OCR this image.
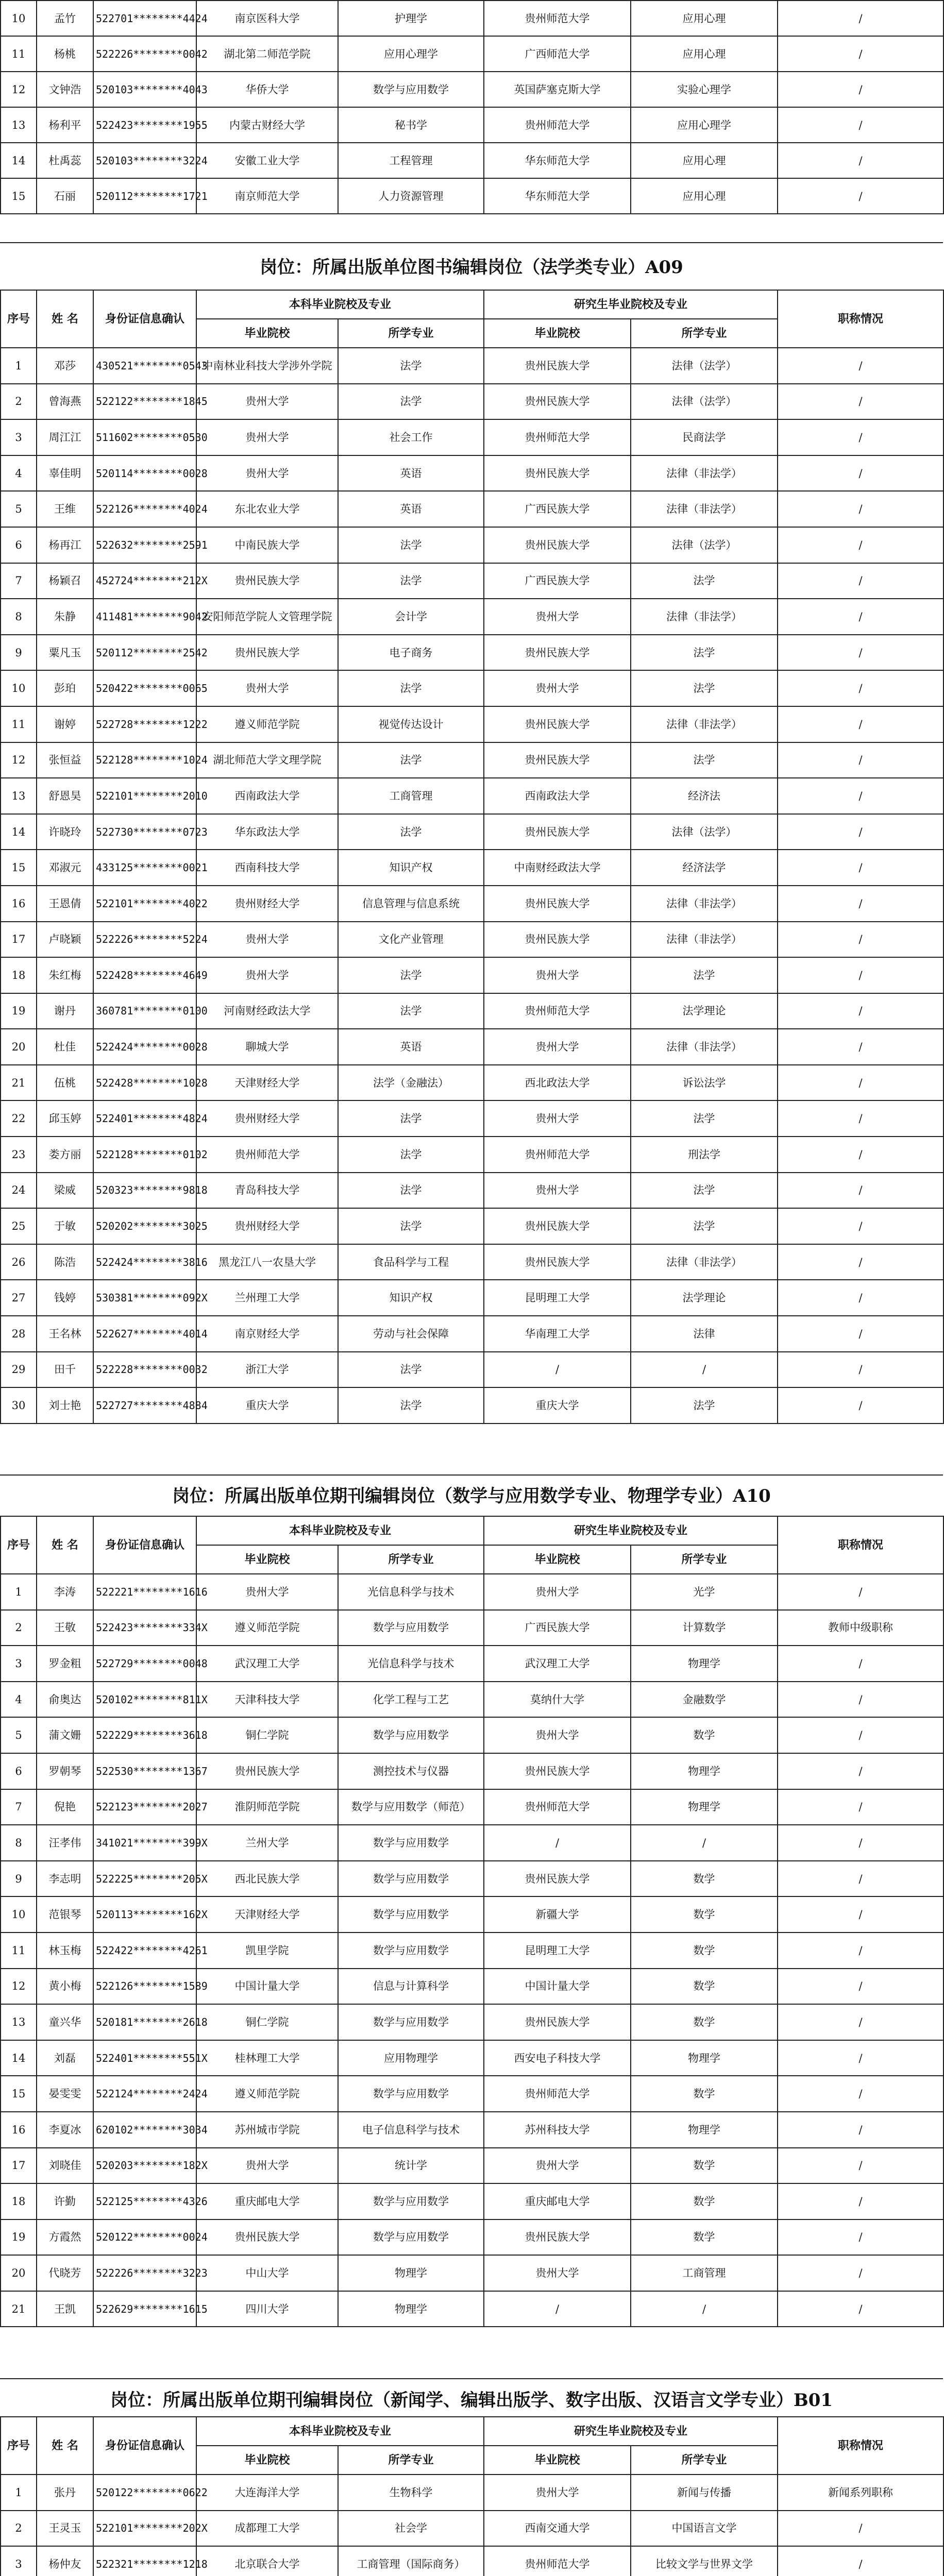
10	孟竹	522701********4424	南京医科大学	护理学	贵州师范大学	应用心理	/
11	杨桃	522226********0042	湖北第二师范学院	应用心理学	广西师范大学	应用心理	/
12	文钟浩	520103********4043	华侨大学	数学与应用数学	英国萨塞克斯大学	实验心理学	/
13	杨利平	522423********1955	内蒙古财经大学	秘书学	贵州师范大学	应用心理学	/
14	杜禹蕊	520103********3224	安徽工业大学	工程管理	华东师范大学	应用心理	/
15	石丽	520112********1721	南京师范大学	人力资源管理	华东师范大学	应用心理	/
岗位：所属出版单位图书编辑岗位（法学类专业）A09
序号	姓 名	身份证信息确认	本科毕业院校及专业		研究生毕业院校及专业		职称情况
			毕业院校	所学专业	毕业院校	所学专业	
1	邓莎	430521********0543	中南林业科技大学涉外学院	法学	贵州民族大学	法律（法学）	/
2	曾海燕	522122********1845	贵州大学	法学	贵州民族大学	法律（法学）	/
3	周江江	511602********0530	贵州大学	社会工作	贵州师范大学	民商法学	/
4	辜佳明	520114********0028	贵州大学	英语	贵州民族大学	法律（非法学）	/
5	王维	522126********4024	东北农业大学	英语	广西民族大学	法律（非法学）	/
6	杨再江	522632********2591	中南民族大学	法学	贵州民族大学	法律（法学）	/
7	杨颖召	452724********212X	贵州民族大学	法学	广西民族大学	法学	/
8	朱静	411481********9042	安阳师范学院人文管理学院	会计学	贵州大学	法律（非法学）	/
9	粟凡玉	520112********2542	贵州民族大学	电子商务	贵州民族大学	法学	/
10	彭珀	520422********0065	贵州大学	法学	贵州大学	法学	/
11	谢婷	522728********1222	遵义师范学院	视觉传达设计	贵州民族大学	法律（非法学）	/
12	张恒益	522128********1024	湖北师范大学文理学院	法学	贵州民族大学	法学	/
13	舒恩昊	522101********2010	西南政法大学	工商管理	西南政法大学	经济法	/
14	许晓玲	522730********0723	华东政法大学	法学	贵州民族大学	法律（法学）	/
15	邓淑元	433125********0021	西南科技大学	知识产权	中南财经政法大学	经济法学	/
16	王恩倩	522101********4022	贵州财经大学	信息管理与信息系统	贵州民族大学	法律（非法学）	/
17	卢晓颖	522226********5224	贵州大学	文化产业管理	贵州民族大学	法律（非法学）	/
18	朱红梅	522428********4649	贵州大学	法学	贵州大学	法学	/
19	谢丹	360781********0100	河南财经政法大学	法学	贵州师范大学	法学理论	/
20	杜佳	522424********0028	聊城大学	英语	贵州大学	法律（非法学）	/
21	伍桃	522428********1028	天津财经大学	法学（金融法）	西北政法大学	诉讼法学	/
22	邱玉婷	522401********4824	贵州财经大学	法学	贵州大学	法学	/
23	娄方丽	522128********0102	贵州师范大学	法学	贵州师范大学	刑法学	/
24	梁威	520323********9818	青岛科技大学	法学	贵州大学	法学	/
25	于敏	520202********3025	贵州财经大学	法学	贵州民族大学	法学	/
26	陈浩	522424********3816	黑龙江八一农垦大学	食品科学与工程	贵州民族大学	法律（非法学）	/
27	钱婷	530381********092X	兰州理工大学	知识产权	昆明理工大学	法学理论	/
28	王名林	522627********4014	南京财经大学	劳动与社会保障	华南理工大学	法律	/
29	田千	522228********0032	浙江大学	法学	/	/	/
30	刘士艳	522727********4884	重庆大学	法学	重庆大学	法学	/
岗位：所属出版单位期刊编辑岗位（数学与应用数学专业、物理学专业）A10
序号	姓 名	身份证信息确认	本科毕业院校及专业		研究生毕业院校及专业		职称情况
			毕业院校	所学专业	毕业院校	所学专业	
1	李涛	522221********1616	贵州大学	光信息科学与技术	贵州大学	光学	/
2	王敬	522423********334X	遵义师范学院	数学与应用数学	广西民族大学	计算数学	教师中级职称
3	罗金粗	522729********0048	武汉理工大学	光信息科学与技术	武汉理工大学	物理学	/
4	俞奥达	520102********811X	天津科技大学	化学工程与工艺	莫纳什大学	金融数学	/
5	蒲文姗	522229********3618	铜仁学院	数学与应用数学	贵州大学	数学	/
6	罗朝琴	522530********1367	贵州民族大学	测控技术与仪器	贵州民族大学	物理学	/
7	倪艳	522123********2027	淮阴师范学院	数学与应用数学（师范）	贵州师范大学	物理学	/
8	汪孝伟	341021********399X	兰州大学	数学与应用数学	/	/	/
9	李志明	522225********205X	西北民族大学	数学与应用数学	贵州民族大学	数学	/
10	范银琴	520113********162X	天津财经大学	数学与应用数学	新疆大学	数学	/
11	林玉梅	522422********4261	凯里学院	数学与应用数学	昆明理工大学	数学	/
12	黄小梅	522126********1589	中国计量大学	信息与计算科学	中国计量大学	数学	/
13	童兴华	520181********2618	铜仁学院	数学与应用数学	贵州民族大学	数学	/
14	刘磊	522401********551X	桂林理工大学	应用物理学	西安电子科技大学	物理学	/
15	晏雯雯	522124********2424	遵义师范学院	数学与应用数学	贵州师范大学	数学	/
16	李夏冰	620102********3034	苏州城市学院	电子信息科学与技术	苏州科技大学	物理学	/
17	刘晓佳	520203********182X	贵州大学	统计学	贵州大学	数学	/
18	许勤	522125********4326	重庆邮电大学	数学与应用数学	重庆邮电大学	数学	/
19	方霞然	520122********0024	贵州民族大学	数学与应用数学	贵州民族大学	数学	/
20	代晓芳	522226********3223	中山大学	物理学	贵州大学	工商管理	/
21	王凯	522629********1615	四川大学	物理学	/	/	/
岗位：所属出版单位期刊编辑岗位（新闻学、编辑出版学、数字出版、汉语言文学专业）B01
序号	姓 名	身份证信息确认	本科毕业院校及专业		研究生毕业院校及专业		职称情况
			毕业院校	所学专业	毕业院校	所学专业	
1	张丹	520122********0622	大连海洋大学	生物科学	贵州大学	新闻与传播	新闻系列职称
2	王灵玉	522101********202X	成都理工大学	社会学	西南交通大学	中国语言文学	/
3	杨仲友	522321********1218	北京联合大学	工商管理（国际商务）	贵州师范大学	比较文学与世界文学	/
